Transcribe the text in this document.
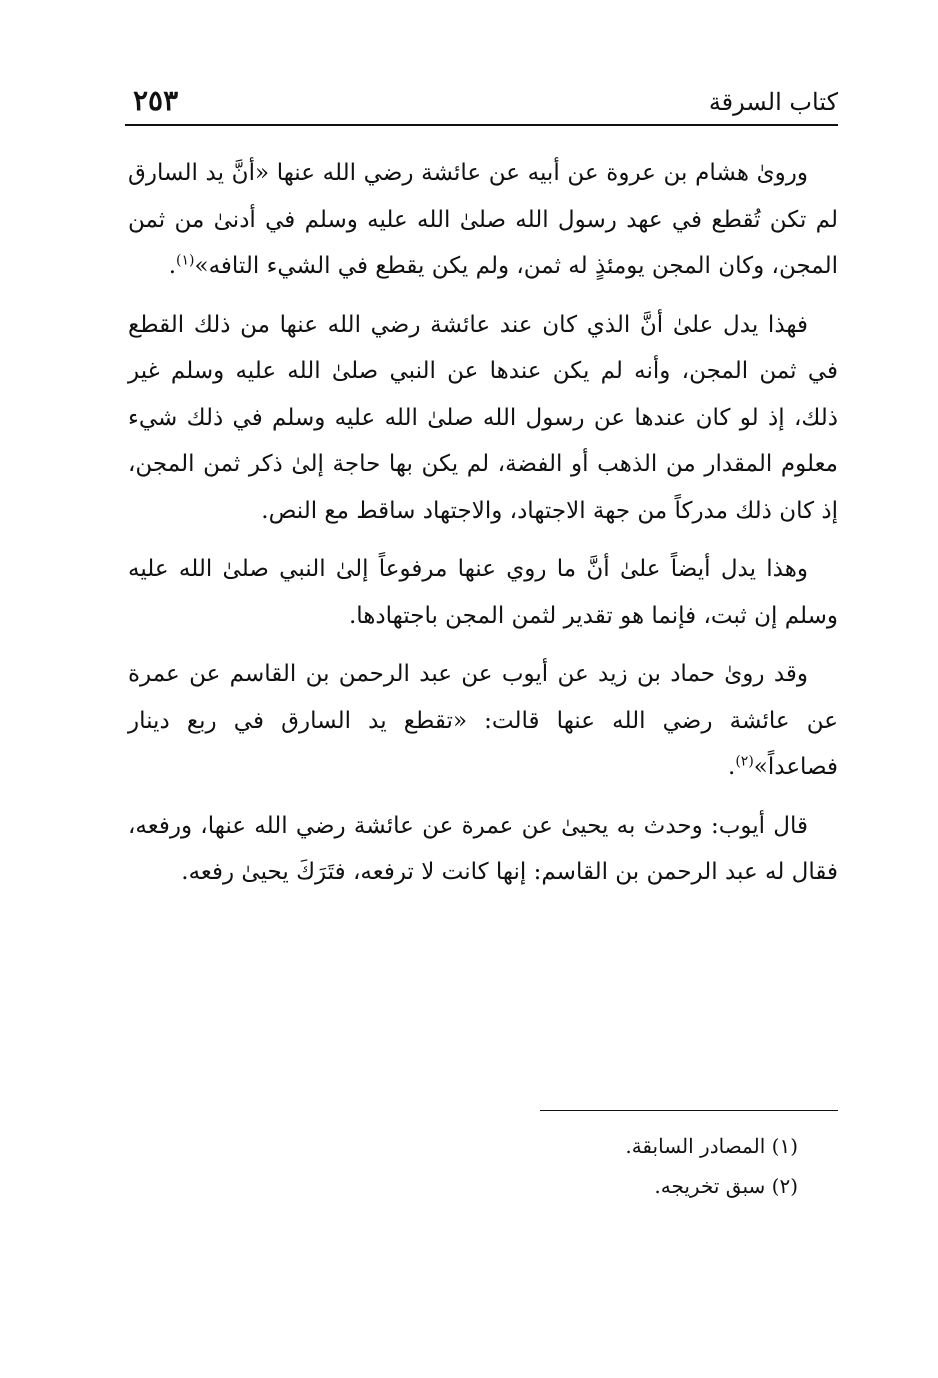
كتاب السرقة
٢٥٣

وروىٰ هشام بن عروة عن أبيه عن عائشة رضي الله عنها «أنَّ يد السارق لم تكن تُقطع في عهد رسول الله صلىٰ الله عليه وسلم في أدنىٰ من ثمن المجن، وكان المجن يومئذٍ له ثمن، ولم يكن يقطع في الشيء التافه»$^{(١)}$.

فهذا يدل علىٰ أنَّ الذي كان عند عائشة رضي الله عنها من ذلك القطع في ثمن المجن، وأنه لم يكن عندها عن النبي صلىٰ الله عليه وسلم غير ذلك، إذ لو كان عندها عن رسول الله صلىٰ الله عليه وسلم في ذلك شيء معلوم المقدار من الذهب أو الفضة، لم يكن بها حاجة إلىٰ ذكر ثمن المجن، إذ كان ذلك مدركاً من جهة الاجتهاد، والاجتهاد ساقط مع النص.

وهذا يدل أيضاً علىٰ أنَّ ما روي عنها مرفوعاً إلىٰ النبي صلىٰ الله عليه وسلم إن ثبت، فإنما هو تقدير لثمن المجن باجتهادها.

وقد روىٰ حماد بن زيد عن أيوب عن عبد الرحمن بن القاسم عن عمرة عن عائشة رضي الله عنها قالت: «تقطع يد السارق في ربع دينار فصاعداً»$^{(٢)}$.

قال أيوب: وحدث به يحيىٰ عن عمرة عن عائشة رضي الله عنها، ورفعه، فقال له عبد الرحمن بن القاسم: إنها كانت لا ترفعه، فتَرَكَ يحيىٰ رفعه.

(١) المصادر السابقة.

(٢) سبق تخريجه.
